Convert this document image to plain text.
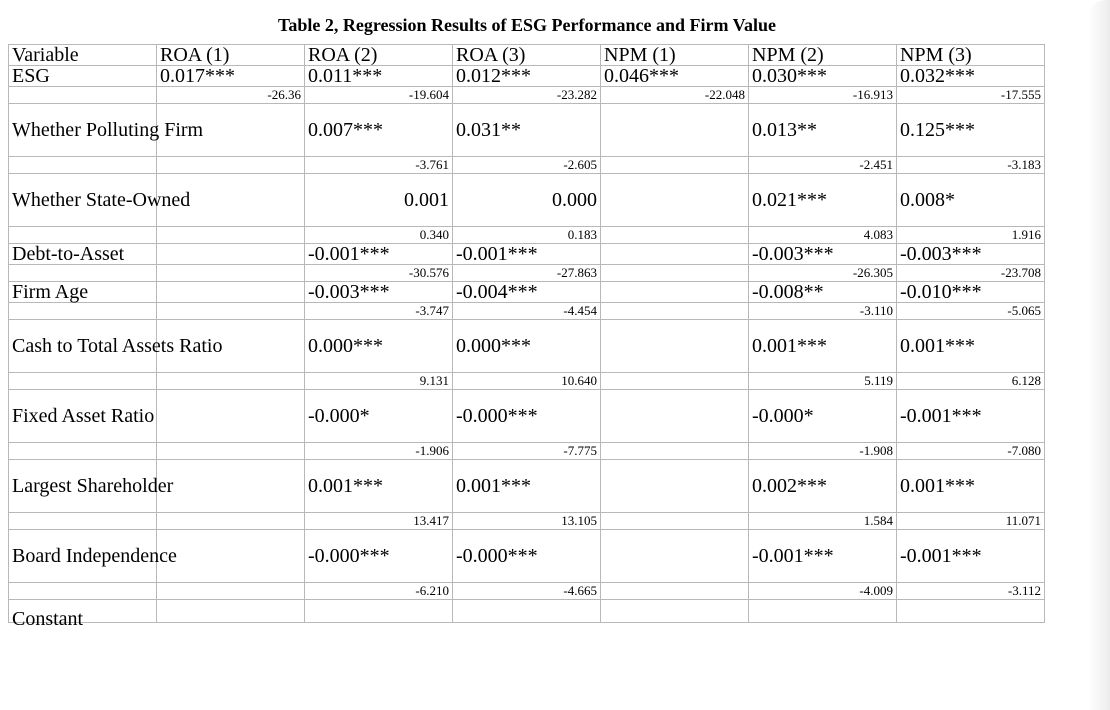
Table 2, Regression Results of ESG Performance and Firm Value
Variable	ROA (1)	ROA (2)	ROA (3)	NPM (1)	NPM (2)	NPM (3)
ESG	0.017***	0.011***	0.012***	0.046***	0.030***	0.032***
	-26.36	-19.604	-23.282	-22.048	-16.913	-17.555
Whether Polluting Firm		0.007***	0.031**		0.013**	0.125***
		-3.761	-2.605		-2.451	-3.183
Whether State-Owned		0.001	0.000		0.021***	0.008*
		0.340	0.183		4.083	1.916
Debt-to-Asset		-0.001***	-0.001***		-0.003***	-0.003***
		-30.576	-27.863		-26.305	-23.708
Firm Age		-0.003***	-0.004***		-0.008**	-0.010***
		-3.747	-4.454		-3.110	-5.065
Cash to Total Assets Ratio		0.000***	0.000***		0.001***	0.001***
		9.131	10.640		5.119	6.128
Fixed Asset Ratio		-0.000*	-0.000***		-0.000*	-0.001***
		-1.906	-7.775		-1.908	-7.080
Largest Shareholder		0.001***	0.001***		0.002***	0.001***
		13.417	13.105		1.584	11.071
Board Independence		-0.000***	-0.000***		-0.001***	-0.001***
		-6.210	-4.665		-4.009	-3.112
Constant						
